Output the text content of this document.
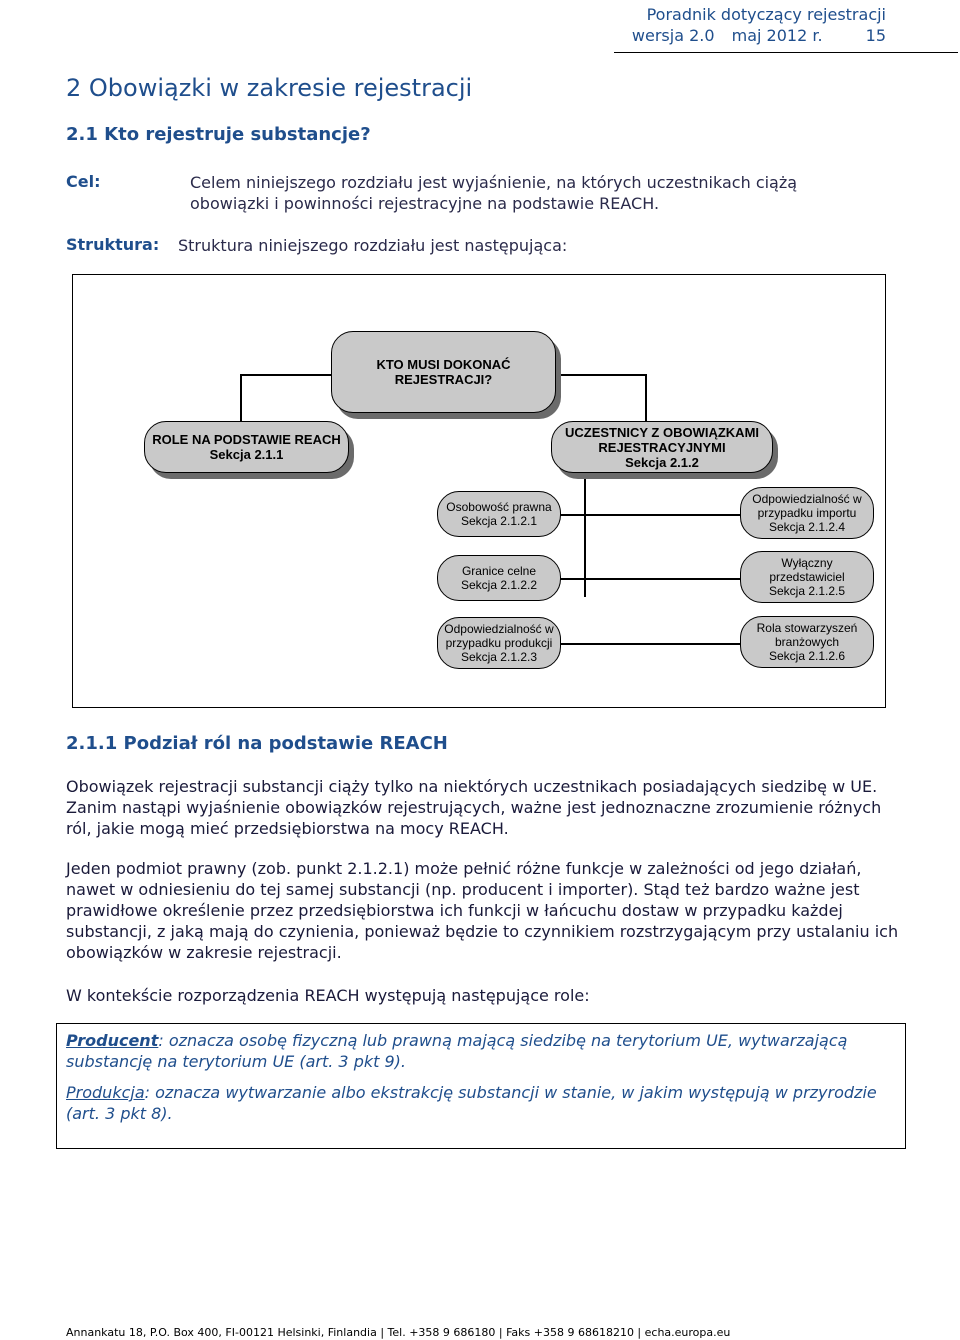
Poradnik dotyczący rejestracji
wersja 2.0 maj 2012 r.	15
2 Obowiązki w zakresie rejestracji
2.1 Kto rejestruje substancje?
Cel:	Celem niniejszego rozdziału jest wyjaśnienie, na których uczestnikach ciążą
obowiązki i powinności rejestracyjne na podstawie REACH.
Struktura: Struktura niniejszego rozdziału jest następująca:
KTO MUSI DOKONAĆ
REJESTRACJI?
ROLE NA PODSTAWIE REACH
Sekcja 2.1.1
UCZESTNICY Z OBOWIĄZKAMI
REJESTRACYJNYMI
Sekcja 2.1.2
Osobowość prawna
Sekcja 2.1.2.1
Granice celne
Sekcja 2.1.2.2
Odpowiedzialność w
przypadku produkcji
Sekcja 2.1.2.3
Odpowiedzialność w
przypadku importu
Sekcja 2.1.2.4
Wyłączny
przedstawiciel
Sekcja 2.1.2.5
Rola stowarzyszeń
branżowych
Sekcja 2.1.2.6
2.1.1 Podział ról na podstawie REACH

Obowiązek rejestracji substancji ciąży tylko na niektórych uczestnikach posiadających siedzibę w UE. Zanim nastąpi wyjaśnienie obowiązków rejestrujących, ważne jest jednoznaczne zrozumienie różnych ról, jakie mogą mieć przedsiębiorstwa na mocy REACH.

Jeden podmiot prawny (zob. punkt 2.1.2.1) może pełnić różne funkcje w zależności od jego działań, nawet w odniesieniu do tej samej substancji (np. producent i importer). Stąd też bardzo ważne jest prawidłowe określenie przez przedsiębiorstwa ich funkcji w łańcuchu dostaw w przypadku każdej substancji, z jaką mają do czynienia, ponieważ będzie to czynnikiem rozstrzygającym przy ustalaniu ich obowiązków w zakresie rejestracji.

W kontekście rozporządzenia REACH występują następujące role:

Producent: oznacza osobę fizyczną lub prawną mającą siedzibę na terytorium UE, wytwarzającą substancję na terytorium UE (art. 3 pkt 9).

Produkcja: oznacza wytwarzanie albo ekstrakcję substancji w stanie, w jakim występują w przyrodzie (art. 3 pkt 8).

Annankatu 18, P.O. Box 400, FI-00121 Helsinki, Finlandia | Tel. +358 9 686180 | Faks +358 9 68618210 | echa.europa.eu
